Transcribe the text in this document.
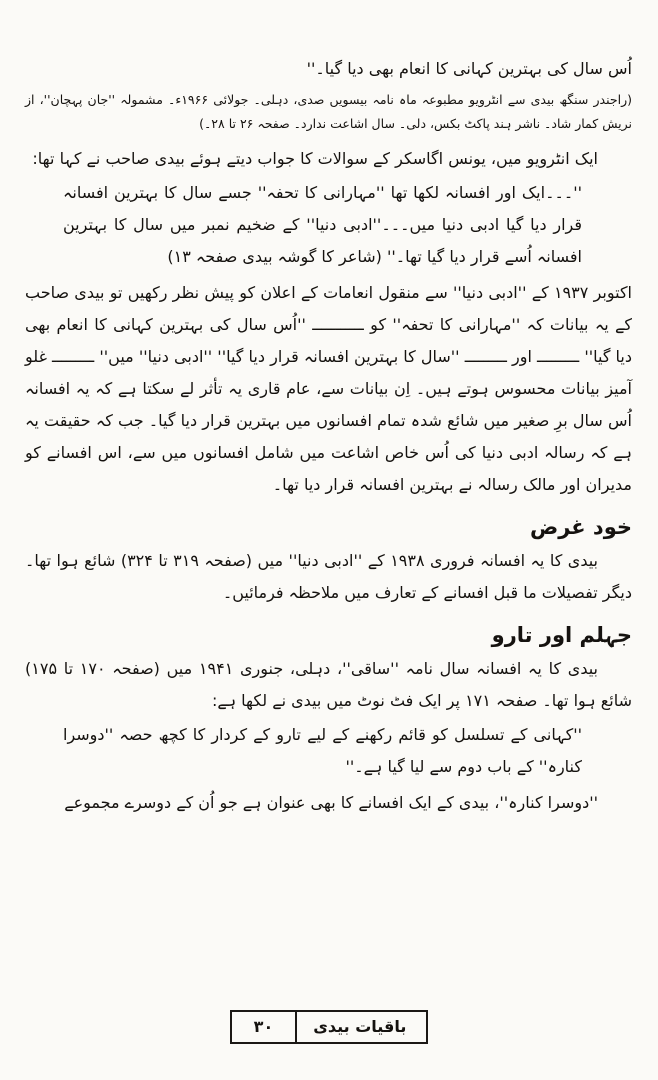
اُس سال کی بہترین کہانی کا انعام بھی دیا گیا۔''

(راجندر سنگھ بیدی سے انٹرویو مطبوعہ ماہ نامہ بیسویں صدی، دہلی۔ جولائی ۱۹۶۶ء۔ مشمولہ ''جان پہچان''، از نریش کمار شاد۔ ناشر ہند پاکٹ بکس، دلی۔ سال اشاعت ندارد۔ صفحہ ۲۶ تا ۲۸۔)

ایک انٹرویو میں، یونس اگاسکر کے سوالات کا جواب دیتے ہوئے بیدی صاحب نے کہا تھا:

''۔۔۔ایک اور افسانہ لکھا تھا ''مہارانی کا تحفہ'' جسے سال کا بہترین افسانہ قرار دیا گیا ادبی دنیا میں۔۔۔''ادبی دنیا'' کے ضخیم نمبر میں سال کا بہترین افسانہ اُسے قرار دیا گیا تھا۔'' (شاعر کا گوشہ بیدی صفحہ ۱۳)

اکتوبر ۱۹۳۷ کے ''ادبی دنیا'' سے منقول انعامات کے اعلان کو پیش نظر رکھیں تو بیدی صاحب کے یہ بیانات کہ ''مہارانی کا تحفہ'' کو ـــــــــــ ''اُس سال کی بہترین کہانی کا انعام بھی دیا گیا'' ـــــــــ اور ـــــــــ ''سال کا بہترین افسانہ قرار دیا گیا'' ''ادبی دنیا'' میں'' ـــــــــ غلو آمیز بیانات محسوس ہوتے ہیں۔ اِن بیانات سے، عام قاری یہ تأثر لے سکتا ہے کہ یہ افسانہ اُس سال برِ صغیر میں شائع شدہ تمام افسانوں میں بہترین قرار دیا گیا۔ جب کہ حقیقت یہ ہے کہ رسالہ ادبی دنیا کی اُس خاص اشاعت میں شامل افسانوں میں سے، اس افسانے کو مدیران اور مالک رسالہ نے بہترین افسانہ قرار دیا تھا۔

خود غرض

بیدی کا یہ افسانہ فروری ۱۹۳۸ کے ''ادبی دنیا'' میں (صفحہ ۳۱۹ تا ۳۲۴) شائع ہوا تھا۔ دیگر تفصیلات ما قبل افسانے کے تعارف میں ملاحظہ فرمائیں۔

جہلم اور تارو

بیدی کا یہ افسانہ سال نامہ ''ساقی''، دہلی، جنوری ۱۹۴۱ میں (صفحہ ۱۷۰ تا ۱۷۵) شائع ہوا تھا۔ صفحہ ۱۷۱ پر ایک فٹ نوٹ میں بیدی نے لکھا ہے:

''کہانی کے تسلسل کو قائم رکھنے کے لیے تارو کے کردار کا کچھ حصہ ''دوسرا کنارہ'' کے باب دوم سے لیا گیا ہے۔''

''دوسرا کنارہ''، بیدی کے ایک افسانے کا بھی عنوان ہے جو اُن کے دوسرے مجموعے

باقیات بیدی
۳۰
